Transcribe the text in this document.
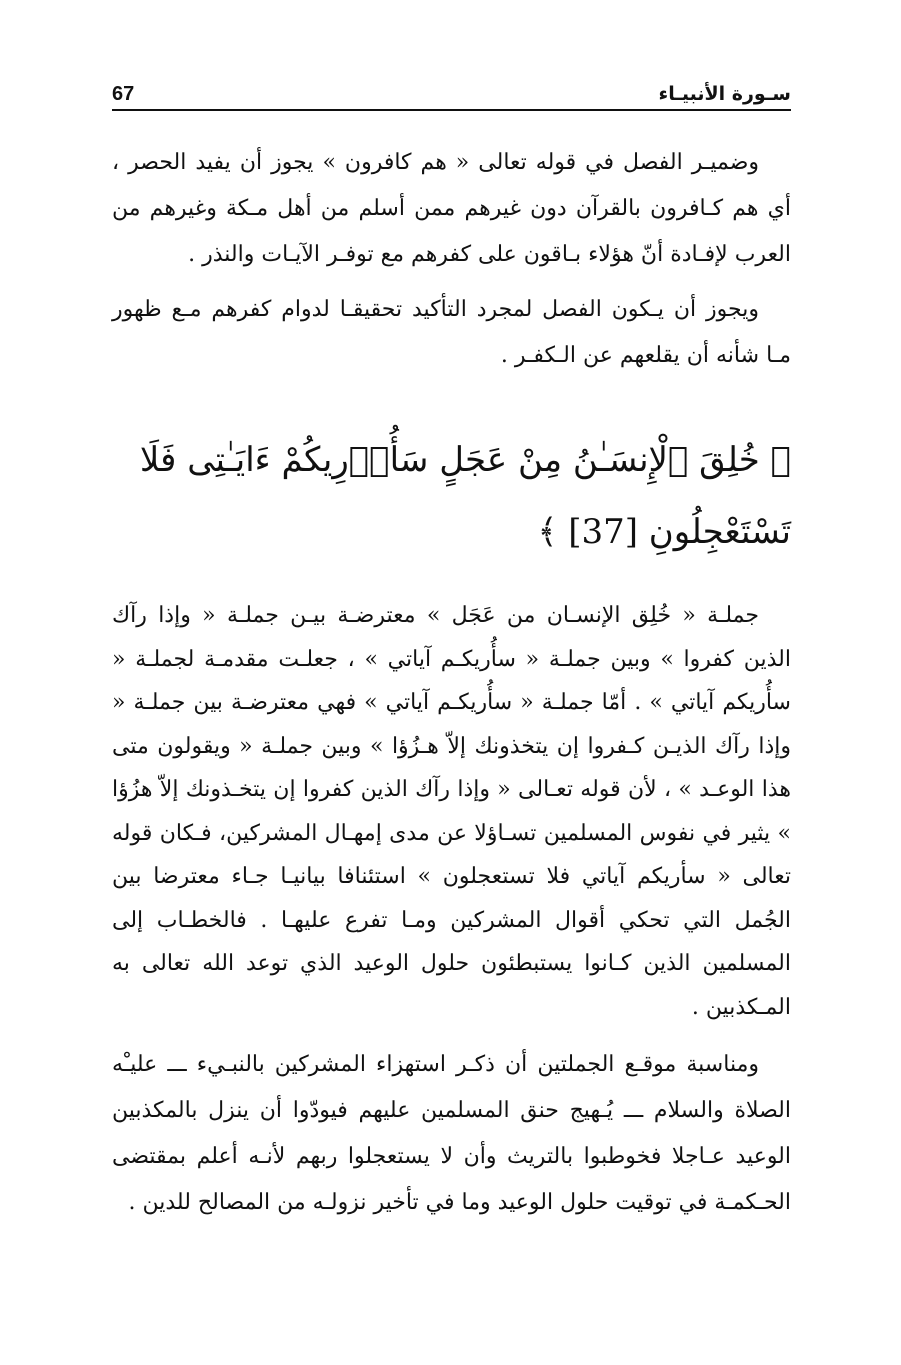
67	سـورة الأنبيـاء

وضميـر الفصل في قوله تعالى « هم كافرون » يجوز أن يفيد الحصر ، أي هم كـافرون بالقرآن دون غيرهم ممن أسلم من أهل مـكة وغيرهم من العرب لإفـادة أنّ هؤلاء بـاقون على كفرهم مع توفـر الآيـات والنذر .

ويجوز أن يـكون الفصل لمجرد التأكيد تحقيقـا لدوام كفرهم مـع ظهور مـا شأنه أن يقلعهم عن الـكفـر .

﴿ خُلِقَ ٱلْإِنسَـٰنُ مِنْ عَجَلٍ سَأُو۟رِيكُمْ ءَايَـٰتِى فَلَا تَسْتَعْجِلُونِ [37] ﴾

جملـة « خُلِق الإنسـان من عَجَل » معترضـة بيـن جملـة « وإذا رآك الذين كفروا » وبين جملـة « سأُريكـم آياتي » ، جعلـت مقدمـة لجملـة « سأُريكم آياتي » . أمّا جملـة « سأُريكـم آياتي » فهي معترضـة بين جملـة « وإذا رآك الذيـن كـفروا إن يتخذونك إلاّ هـزُؤا » وبين جملـة « ويقولون متى هذا الوعـد » ، لأن قوله تعـالى « وإذا رآك الذين كفروا إن يتخـذونك إلاّ هزُؤا » يثير في نفوس المسلمين تسـاؤلا عن مدى إمهـال المشركين، فـكان قوله تعالى « سأريكم آياتي فلا تستعجلون » استئنافا بيانيـا جـاء معترضا بين الجُمل التي تحكي أقوال المشركين ومـا تفرع عليهـا . فالخطـاب إلى المسلمين الذين كـانوا يستبطئون حلول الوعيد الذي توعد الله تعالى به المـكذبين .

ومناسبة موقـع الجملتين أن ذكـر استهزاء المشركين بالنبـيء ـــ عليـْه الصلاة والسلام ـــ يُـهيج حنق المسلمين عليهم فيودّوا أن ينزل بالمكذبين الوعيد عـاجلا فخوطبوا بالتريث وأن لا يستعجلوا ربهم لأنـه أعلم بمقتضى الحـكمـة في توقيت حلول الوعيد وما في تأخير نزولـه من المصالح للدين .
